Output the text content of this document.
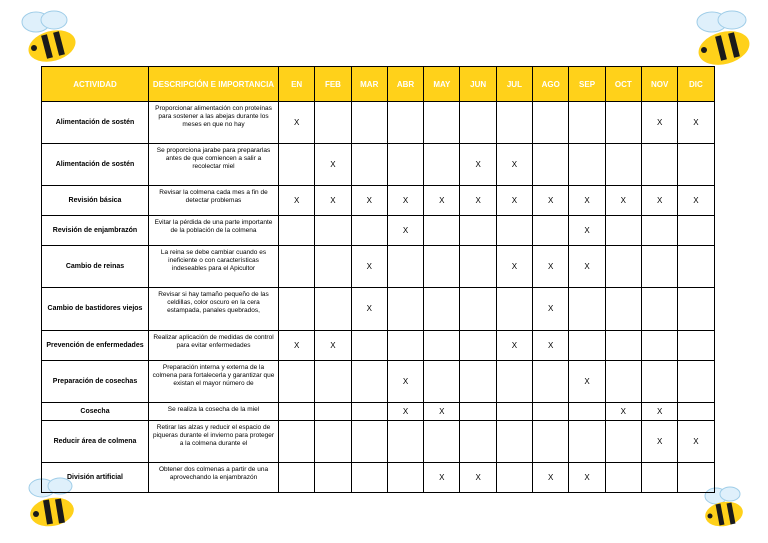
ACTIVIDAD	DESCRIPCIÓN E IMPORTANCIA	EN	FEB	MAR	ABR	MAY	JUN	JUL	AGO	SEP	OCT	NOV	DIC
Alimentación de sostén	Proporcionar alimentación con proteínas para sostener a las abejas durante los meses en que no hay	X										X	X
Alimentación de sostén	Se proporciona jarabe para prepararlas antes de que comiencen a salir a recolectar miel		X				X	X					
Revisión básica	Revisar la colmena cada mes a fin de detectar problemas	X	X	X	X	X	X	X	X	X	X	X	X
Revisión de enjambrazón	Evitar la pérdida de una parte importante de la población de la colmena				X					X			
Cambio de reinas	La reina se debe cambiar cuando es ineficiente o con características indeseables para el Apicultor			X				X	X	X			
Cambio de bastidores viejos	Revisar si hay tamaño pequeño de las celdillas, color oscuro en la cera estampada, panales quebrados,			X					X				
Prevención de enfermedades	Realizar aplicación de medidas de control para evitar enfermedades	X	X					X	X				
Preparación de cosechas	Preparación interna y externa de la colmena para fortalecerla y garantizar que existan el mayor número de				X					X			
Cosecha	Se realiza la cosecha de la miel				X	X					X	X	
Reducir área de colmena	Retirar las alzas y reducir el espacio de piqueras durante el invierno para proteger a la colmena durante el											X	X
División artificial	Obtener dos colmenas a partir de una aprovechando la enjambrazón					X	X		X	X			
